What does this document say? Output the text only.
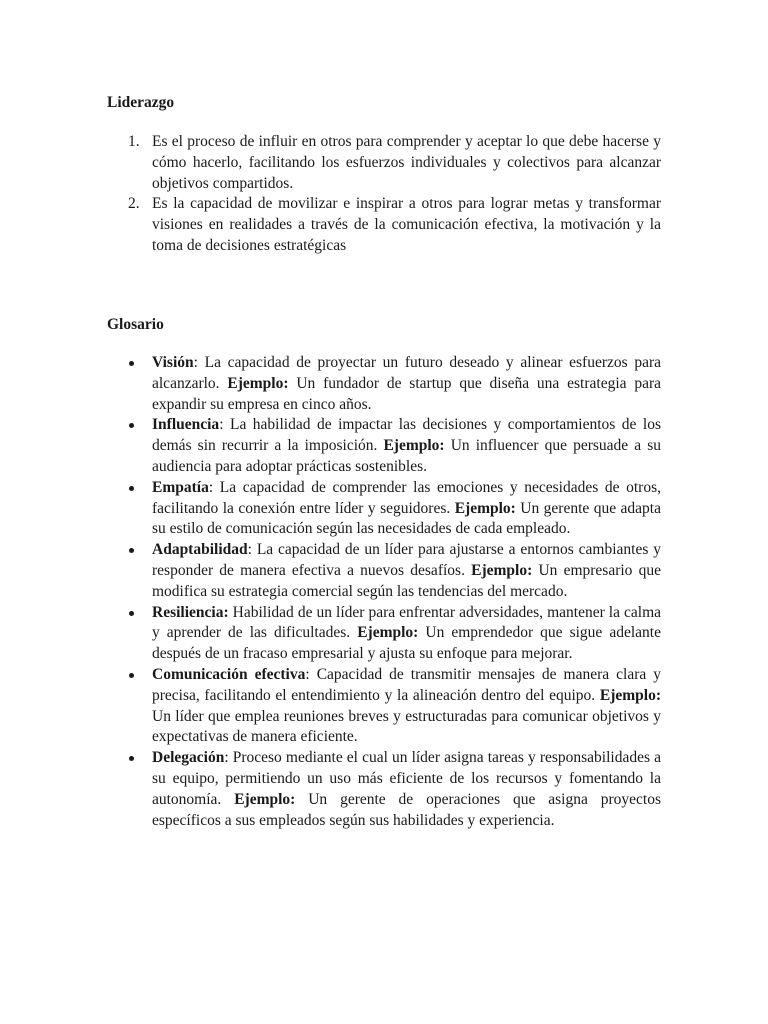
Liderazgo
1. Es el proceso de influir en otros para comprender y aceptar lo que debe hacerse y cómo hacerlo, facilitando los esfuerzos individuales y colectivos para alcanzar objetivos compartidos.
2. Es la capacidad de movilizar e inspirar a otros para lograr metas y transformar visiones en realidades a través de la comunicación efectiva, la motivación y la toma de decisiones estratégicas
Glosario
Visión: La capacidad de proyectar un futuro deseado y alinear esfuerzos para alcanzarlo. Ejemplo: Un fundador de startup que diseña una estrategia para expandir su empresa en cinco años.
Influencia: La habilidad de impactar las decisiones y comportamientos de los demás sin recurrir a la imposición. Ejemplo: Un influencer que persuade a su audiencia para adoptar prácticas sostenibles.
Empatía: La capacidad de comprender las emociones y necesidades de otros, facilitando la conexión entre líder y seguidores. Ejemplo: Un gerente que adapta su estilo de comunicación según las necesidades de cada empleado.
Adaptabilidad: La capacidad de un líder para ajustarse a entornos cambiantes y responder de manera efectiva a nuevos desafíos. Ejemplo: Un empresario que modifica su estrategia comercial según las tendencias del mercado.
Resiliencia: Habilidad de un líder para enfrentar adversidades, mantener la calma y aprender de las dificultades. Ejemplo: Un emprendedor que sigue adelante después de un fracaso empresarial y ajusta su enfoque para mejorar.
Comunicación efectiva: Capacidad de transmitir mensajes de manera clara y precisa, facilitando el entendimiento y la alineación dentro del equipo. Ejemplo: Un líder que emplea reuniones breves y estructuradas para comunicar objetivos y expectativas de manera eficiente.
Delegación: Proceso mediante el cual un líder asigna tareas y responsabilidades a su equipo, permitiendo un uso más eficiente de los recursos y fomentando la autonomía. Ejemplo: Un gerente de operaciones que asigna proyectos específicos a sus empleados según sus habilidades y experiencia.
